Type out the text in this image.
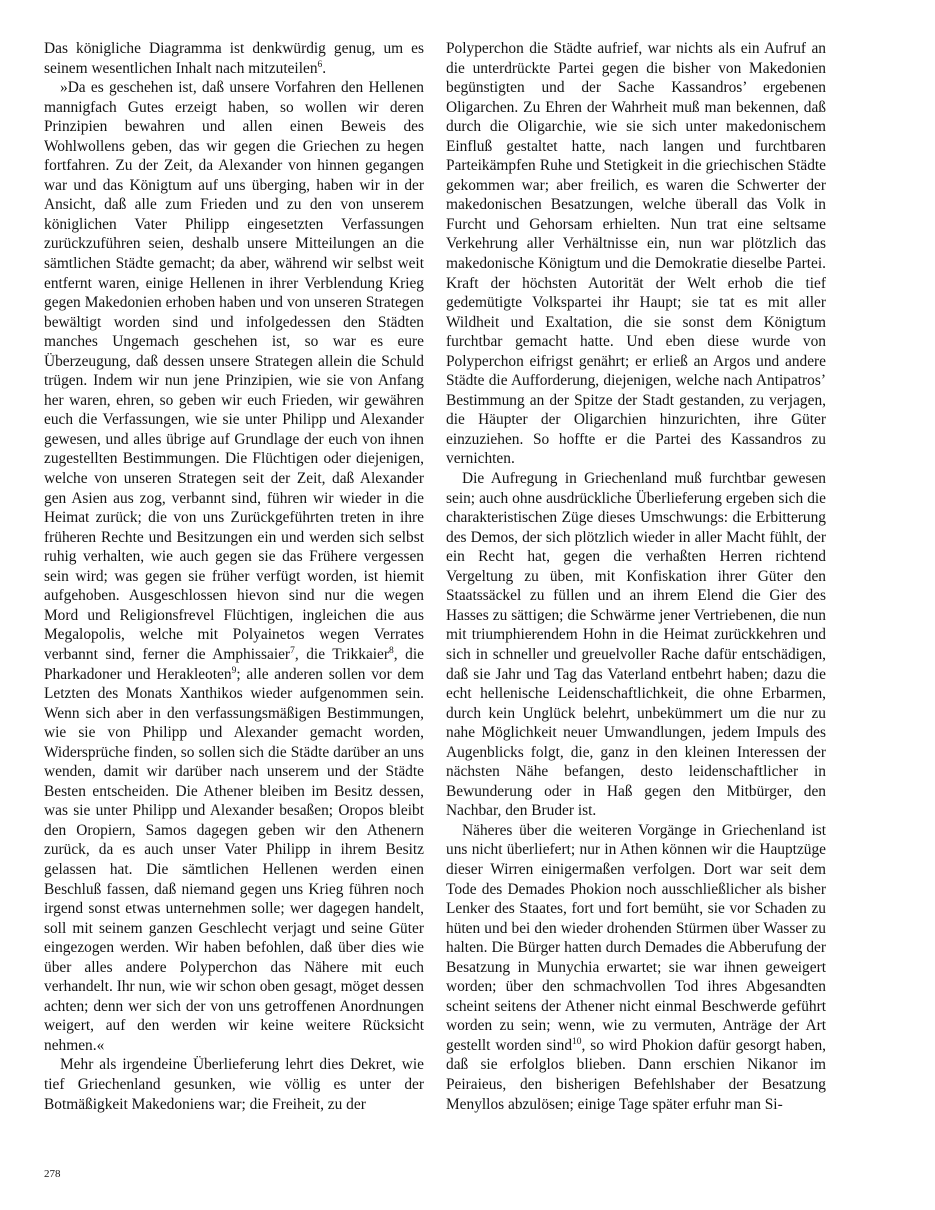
Das königliche Diagramma ist denkwürdig genug, um es seinem wesentlichen Inhalt nach mitzuteilen$^6$.

»Da es geschehen ist, daß unsere Vorfahren den Hellenen mannigfach Gutes erzeigt haben, so wollen wir deren Prinzipien bewahren und allen einen Beweis des Wohlwollens geben, das wir gegen die Griechen zu hegen fortfahren. Zu der Zeit, da Alexander von hinnen gegangen war und das Königtum auf uns überging, haben wir in der Ansicht, daß alle zum Frieden und zu den von unserem königlichen Vater Philipp eingesetzten Verfassungen zurückzuführen seien, deshalb unsere Mitteilungen an die sämtlichen Städte gemacht; da aber, während wir selbst weit entfernt waren, einige Hellenen in ihrer Verblendung Krieg gegen Makedonien erhoben haben und von unseren Strategen bewältigt worden sind und infolgedessen den Städten manches Ungemach geschehen ist, so war es eure Überzeugung, daß dessen unsere Strategen allein die Schuld trügen. Indem wir nun jene Prinzipien, wie sie von Anfang her waren, ehren, so geben wir euch Frieden, wir gewähren euch die Verfassungen, wie sie unter Philipp und Alexander gewesen, und alles übrige auf Grundlage der euch von ihnen zugestellten Bestimmungen. Die Flüchtigen oder diejenigen, welche von unseren Strategen seit der Zeit, daß Alexander gen Asien aus zog, verbannt sind, führen wir wieder in die Heimat zurück; die von uns Zurückgeführten treten in ihre früheren Rechte und Besitzungen ein und werden sich selbst ruhig verhalten, wie auch gegen sie das Frühere vergessen sein wird; was gegen sie früher verfügt worden, ist hiemit aufgehoben. Ausgeschlossen hievon sind nur die wegen Mord und Religionsfrevel Flüchtigen, ingleichen die aus Megalopolis, welche mit Polyainetos wegen Verrates verbannt sind, ferner die Amphissaier$^7$, die Trikkaier$^8$, die Pharkadoner und Herakleoten$^9$; alle anderen sollen vor dem Letzten des Monats Xanthikos wieder aufgenommen sein. Wenn sich aber in den verfassungsmäßigen Bestimmungen, wie sie von Philipp und Alexander gemacht worden, Widersprüche finden, so sollen sich die Städte darüber an uns wenden, damit wir darüber nach unserem und der Städte Besten entscheiden. Die Athener bleiben im Besitz dessen, was sie unter Philipp und Alexander besaßen; Oropos bleibt den Oropiern, Samos dagegen geben wir den Athenern zurück, da es auch unser Vater Philipp in ihrem Besitz gelassen hat. Die sämtlichen Hellenen werden einen Beschluß fassen, daß niemand gegen uns Krieg führen noch irgend sonst etwas unternehmen solle; wer dagegen handelt, soll mit seinem ganzen Geschlecht verjagt und seine Güter eingezogen werden. Wir haben befohlen, daß über dies wie über alles andere Polyperchon das Nähere mit euch verhandelt. Ihr nun, wie wir schon oben gesagt, möget dessen achten; denn wer sich der von uns getroffenen Anordnungen weigert, auf den werden wir keine weitere Rücksicht nehmen.«

Mehr als irgendeine Überlieferung lehrt dies Dekret, wie tief Griechenland gesunken, wie völlig es unter der Botmäßigkeit Makedoniens war; die Freiheit, zu der

Polyperchon die Städte aufrief, war nichts als ein Aufruf an die unterdrückte Partei gegen die bisher von Makedonien begünstigten und der Sache Kassandros’ ergebenen Oligarchen. Zu Ehren der Wahrheit muß man bekennen, daß durch die Oligarchie, wie sie sich unter makedonischem Einfluß gestaltet hatte, nach langen und furchtbaren Parteikämpfen Ruhe und Stetigkeit in die griechischen Städte gekommen war; aber freilich, es waren die Schwerter der makedonischen Besatzungen, welche überall das Volk in Furcht und Gehorsam erhielten. Nun trat eine seltsame Verkehrung aller Verhältnisse ein, nun war plötzlich das makedonische Königtum und die Demokratie dieselbe Partei. Kraft der höchsten Autorität der Welt erhob die tief gedemütigte Volkspartei ihr Haupt; sie tat es mit aller Wildheit und Exaltation, die sie sonst dem Königtum furchtbar gemacht hatte. Und eben diese wurde von Polyperchon eifrigst genährt; er erließ an Argos und andere Städte die Aufforderung, diejenigen, welche nach Antipatros’ Bestimmung an der Spitze der Stadt gestanden, zu verjagen, die Häupter der Oligarchien hinzurichten, ihre Güter einzuziehen. So hoffte er die Partei des Kassandros zu vernichten.

Die Aufregung in Griechenland muß furchtbar gewesen sein; auch ohne ausdrückliche Überlieferung ergeben sich die charakteristischen Züge dieses Umschwungs: die Erbitterung des Demos, der sich plötzlich wieder in aller Macht fühlt, der ein Recht hat, gegen die verhaßten Herren richtend Vergeltung zu üben, mit Konfiskation ihrer Güter den Staatssäckel zu füllen und an ihrem Elend die Gier des Hasses zu sättigen; die Schwärme jener Vertriebenen, die nun mit triumphierendem Hohn in die Heimat zurückkehren und sich in schneller und greuelvoller Rache dafür entschädigen, daß sie Jahr und Tag das Vaterland entbehrt haben; dazu die echt hellenische Leidenschaftlichkeit, die ohne Erbarmen, durch kein Unglück belehrt, unbekümmert um die nur zu nahe Möglichkeit neuer Umwandlungen, jedem Impuls des Augenblicks folgt, die, ganz in den kleinen Interessen der nächsten Nähe befangen, desto leidenschaftlicher in Bewunderung oder in Haß gegen den Mitbürger, den Nachbar, den Bruder ist.

Näheres über die weiteren Vorgänge in Griechenland ist uns nicht überliefert; nur in Athen können wir die Hauptzüge dieser Wirren einigermaßen verfolgen. Dort war seit dem Tode des Demades Phokion noch ausschließlicher als bisher Lenker des Staates, fort und fort bemüht, sie vor Schaden zu hüten und bei den wieder drohenden Stürmen über Wasser zu halten. Die Bürger hatten durch Demades die Abberufung der Besatzung in Munychia erwartet; sie war ihnen geweigert worden; über den schmachvollen Tod ihres Abgesandten scheint seitens der Athener nicht einmal Beschwerde geführt worden zu sein; wenn, wie zu vermuten, Anträge der Art gestellt worden sind$^{10}$, so wird Phokion dafür gesorgt haben, daß sie erfolglos blieben. Dann erschien Nikanor im Peiraieus, den bisherigen Befehlshaber der Besatzung Menyllos abzulösen; einige Tage später erfuhr man Si-

278
